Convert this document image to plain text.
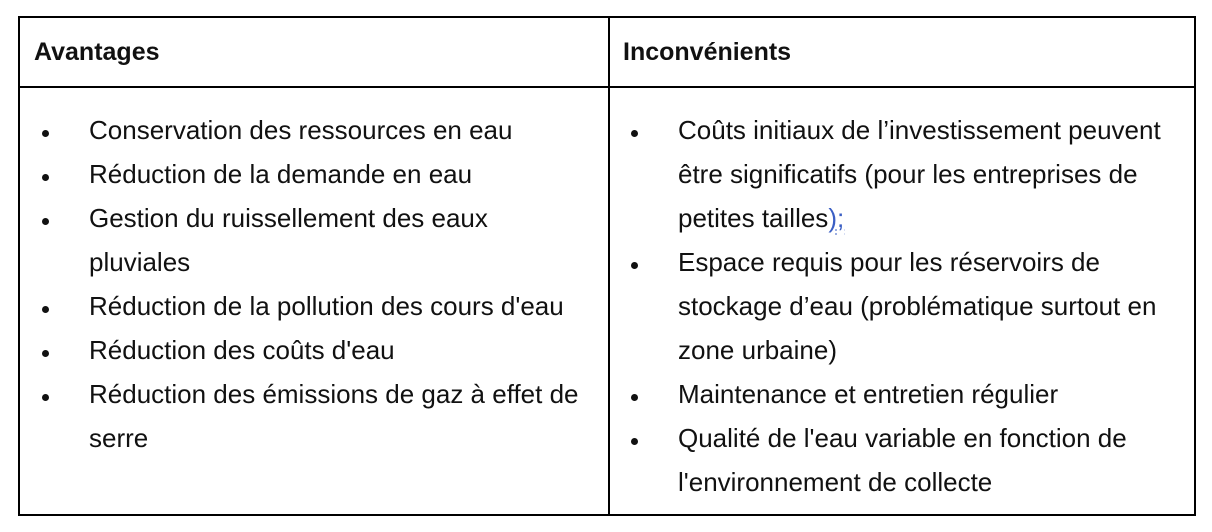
Avantages	Inconvénients
Conservation des ressources en eau
Réduction de la demande en eau
Gestion du ruissellement des eaux pluviales
Réduction de la pollution des cours d'eau
Réduction des coûts d'eau
Réduction des émissions de gaz à effet de serre
Coûts initiaux de l’investissement peuvent être significatifs (pour les entreprises de petites tailles);
Espace requis pour les réservoirs de stockage d’eau (problématique surtout en zone urbaine)
Maintenance et entretien régulier
Qualité de l'eau variable en fonction de l'environnement de collecte
